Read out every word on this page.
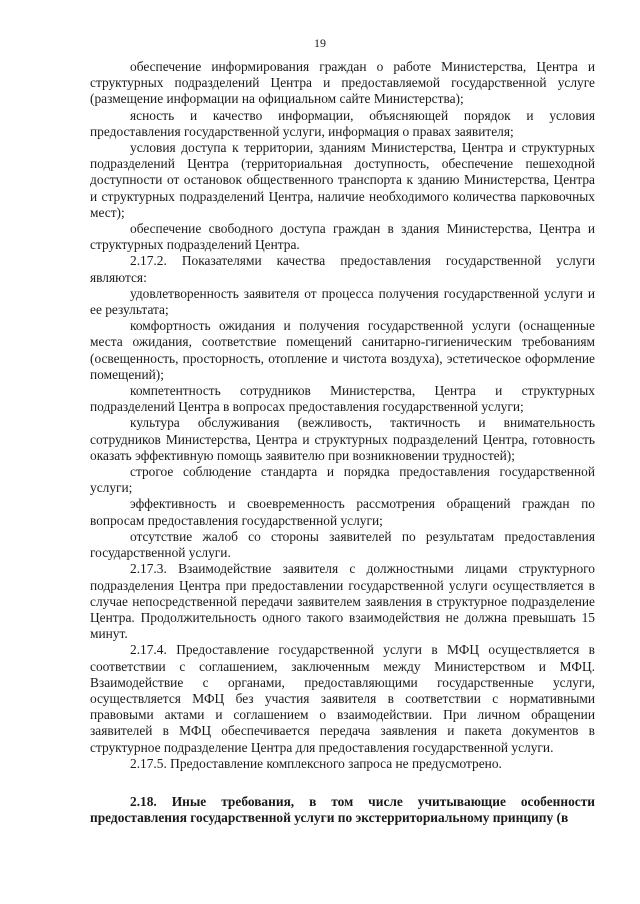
19

обеспечение информирования граждан о работе Министерства, Центра и структурных подразделений Центра и предоставляемой государственной услуге (размещение информации на официальном сайте Министерства);

ясность и качество информации, объясняющей порядок и условия предоставления государственной услуги, информация о правах заявителя;

условия доступа к территории, зданиям Министерства, Центра и структурных подразделений Центра (территориальная доступность, обеспечение пешеходной доступности от остановок общественного транспорта к зданию Министерства, Центра и структурных подразделений Центра, наличие необходимого количества парковочных мест);

обеспечение свободного доступа граждан в здания Министерства, Центра и структурных подразделений Центра.

2.17.2. Показателями качества предоставления государственной услуги являются:

удовлетворенность заявителя от процесса получения государственной услуги и ее результата;

комфортность ожидания и получения государственной услуги (оснащенные места ожидания, соответствие помещений санитарно-гигиеническим требованиям (освещенность, просторность, отопление и чистота воздуха), эстетическое оформление помещений);

компетентность сотрудников Министерства, Центра и структурных подразделений Центра в вопросах предоставления государственной услуги;

культура обслуживания (вежливость, тактичность и внимательность сотрудников Министерства, Центра и структурных подразделений Центра, готовность оказать эффективную помощь заявителю при возникновении трудностей);

строгое соблюдение стандарта и порядка предоставления государственной услуги;

эффективность и своевременность рассмотрения обращений граждан по вопросам предоставления государственной услуги;

отсутствие жалоб со стороны заявителей по результатам предоставления государственной услуги.

2.17.3. Взаимодействие заявителя с должностными лицами структурного подразделения Центра при предоставлении государственной услуги осуществляется в случае непосредственной передачи заявителем заявления в структурное подразделение Центра. Продолжительность одного такого взаимодействия не должна превышать 15 минут.

2.17.4. Предоставление государственной услуги в МФЦ осуществляется в соответствии с соглашением, заключенным между Министерством и МФЦ. Взаимодействие с органами, предоставляющими государственные услуги, осуществляется МФЦ без участия заявителя в соответствии с нормативными правовыми актами и соглашением о взаимодействии. При личном обращении заявителей в МФЦ обеспечивается передача заявления и пакета документов в структурное подразделение Центра для предоставления государственной услуги.

2.17.5. Предоставление комплексного запроса не предусмотрено.

2.18. Иные требования, в том числе учитывающие особенности предоставления государственной услуги по экстерриториальному принципу (в
